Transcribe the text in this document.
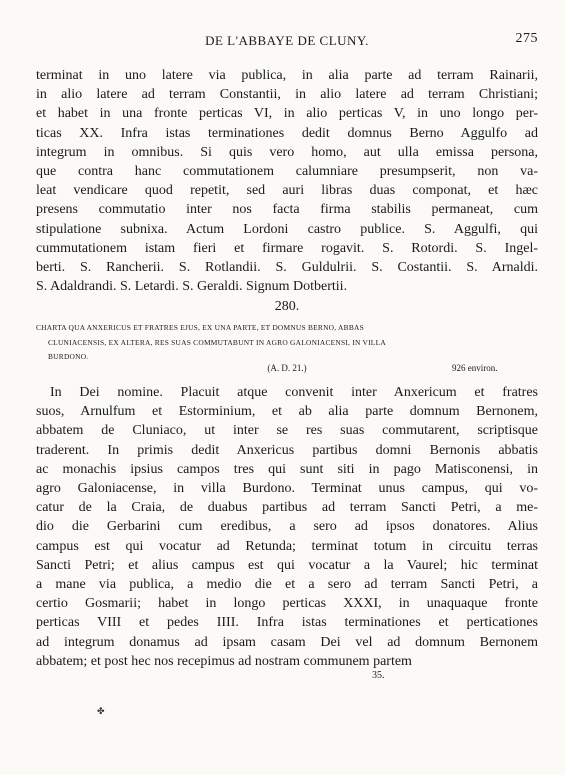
DE L'ABBAYE DE CLUNY.	275

terminat in uno latere via publica, in alia parte ad terram Rainarii,
in alio latere ad terram Constantii, in alio latere ad terram Christiani;
et habet in una fronte perticas VI, in alio perticas V, in uno longo per-
ticas XX. Infra istas terminationes dedit domnus Berno Aggulfo ad
integrum in omnibus. Si quis vero homo, aut ulla emissa persona,
que contra hanc commutationem calumniare presumpserit, non va-
leat vendicare quod repetit, sed auri libras duas componat, et hæc
presens commutatio inter nos facta firma stabilis permaneat, cum
stipulatione subnixa. Actum Lordoni castro publice. S. Aggulfi, qui
cummutationem istam fieri et firmare rogavit. S. Rotordi. S. Ingel-
berti. S. Rancherii. S. Rotlandii. S. Guldulrii. S. Costantii. S. Arnaldi.
S. Adaldrandi. S. Letardi. S. Geraldi. Signum Dotbertii.

280.
CHARTA QUA ANXERICUS ET FRATRES EJUS, EX UNA PARTE, ET DOMNUS BERNO, ABBAS
CLUNIACENSIS, EX ALTERA, RES SUAS COMMUTABUNT IN AGRO GALONIACENSI, IN VILLA
BURDONO.
(A. D. 21.)	926 environ.

In Dei nomine. Placuit atque convenit inter Anxericum et fratres
suos, Arnulfum et Estorminium, et ab alia parte domnum Bernonem,
abbatem de Cluniaco, ut inter se res suas commutarent, scriptisque
traderent. In primis dedit Anxericus partibus domni Bernonis abbatis
ac monachis ipsius campos tres qui sunt siti in pago Matisconensi, in
agro Galoniacense, in villa Burdono. Terminat unus campus, qui vo-
catur de la Craia, de duabus partibus ad terram Sancti Petri, a me-
dio die Gerbarini cum eredibus, a sero ad ipsos donatores. Alius
campus est qui vocatur ad Retunda; terminat totum in circuitu terras
Sancti Petri; et alius campus est qui vocatur a la Vaurel; hic terminat
a mane via publica, a medio die et a sero ad terram Sancti Petri, a
certio Gosmarii; habet in longo perticas XXXI, in unaquaque fronte
perticas VIII et pedes IIII. Infra istas terminationes et perticationes
ad integrum donamus ad ipsam casam Dei vel ad domnum Bernonem
abbatem; et post hec nos recepimus ad nostram communem partem

35.
✤
